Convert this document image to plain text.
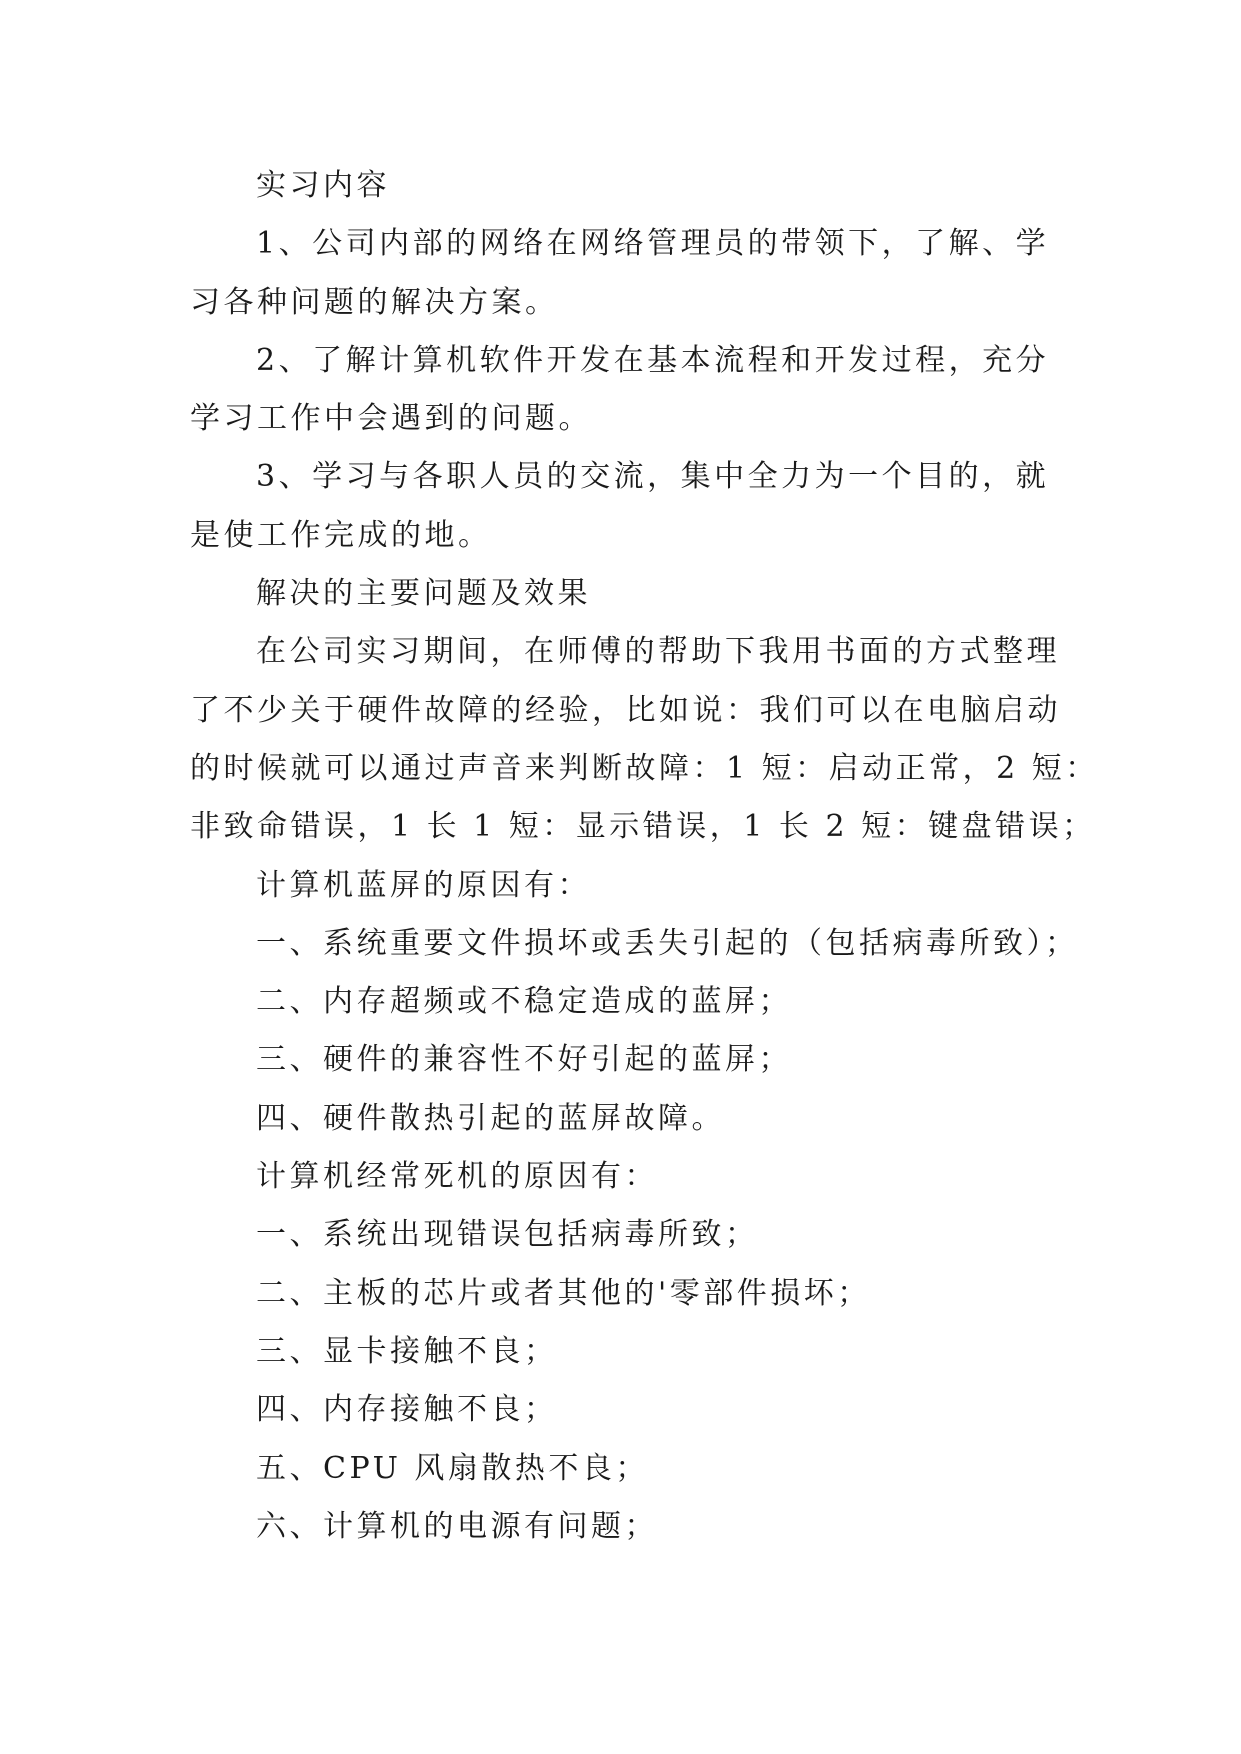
实习内容
1、公司内部的网络在网络管理员的带领下，了解、学
习各种问题的解决方案。
2、了解计算机软件开发在基本流程和开发过程，充分
学习工作中会遇到的问题。
3、学习与各职人员的交流，集中全力为一个目的，就
是使工作完成的地。
解决的主要问题及效果
在公司实习期间，在师傅的帮助下我用书面的方式整理
了不少关于硬件故障的经验，比如说：我们可以在电脑启动
的时候就可以通过声音来判断故障：1 短：启动正常，2 短：
非致命错误，1 长 1 短：显示错误，1 长 2 短：键盘错误；
计算机蓝屏的原因有：
一、系统重要文件损坏或丢失引起的（包括病毒所致）；
二、内存超频或不稳定造成的蓝屏；
三、硬件的兼容性不好引起的蓝屏；
四、硬件散热引起的蓝屏故障。
计算机经常死机的原因有：
一、系统出现错误包括病毒所致；
二、主板的芯片或者其他的'零部件损坏；
三、显卡接触不良；
四、内存接触不良；
五、CPU 风扇散热不良；
六、计算机的电源有问题；
